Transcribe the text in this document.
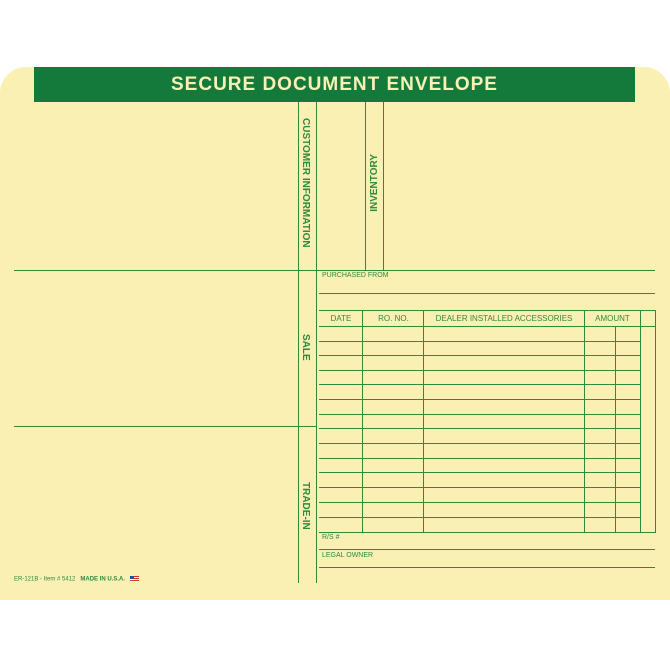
SECURE DOCUMENT ENVELOPE
CUSTOMER INFORMATION	INVENTORY
SALE
TRADE-IN
PURCHASED FROM
DATE	RO. NO.	DEALER INSTALLED ACCESSORIES	AMOUNT
R/S #
LEGAL OWNER
ER-121B - Item # 5412 MADE IN U.S.A.
